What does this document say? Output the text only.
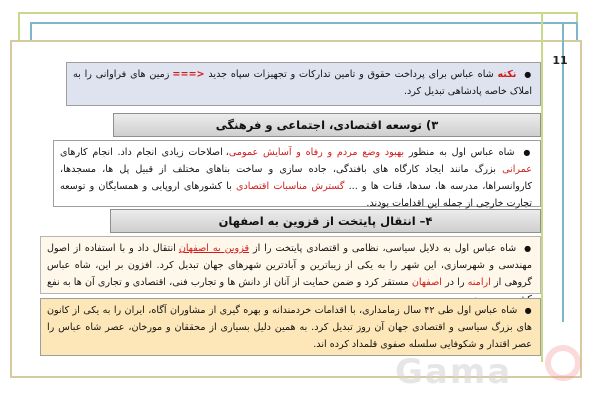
11
● نکته شاه عباس برای پرداخت حقوق و تامین تدارکات و تجهیزات سپاه جدید <=== زمین های فراوانی را به املاک خاصه پادشاهی تبدیل کرد.
۳) توسعه اقتصادی، اجتماعی و فرهنگی
● شاه عباس اول به منظور بهبود وضع مردم و رفاه و آسایش عمومی، اصلاحات زیادی انجام داد. انجام کارهای عمرانی بزرگ مانند ایجاد کارگاه های بافندگی، جاده سازی و ساخت بناهای مختلف از قبیل پل ها، مسجدها، کاروانسراها، مدرسه ها، سدها، قنات ها و ... گسترش مناسبات اقتصادی با کشورهای اروپایی و همسایگان و توسعه تجارت خارجی از جمله این اقدامات بودند.
۴– انتقال پایتخت از قزوین به اصفهان
● شاه عباس اول به دلایل سیاسی، نظامی و اقتصادی پایتخت را از قزوین به اصفهان انتقال داد و با استفاده از اصول مهندسی و شهرسازی، این شهر را به یکی از زیباترین و آبادترین شهرهای جهان تبدیل کرد. افزون بر این، شاه عباس گروهی از ارامنه را در اصفهان مستقر کرد و ضمن حمایت از آنان از دانش ها و تجارب فنی، اقتصادی و تجاری آن ها به نفع
● شاه عباس اول طی ۴۲ سال زمامداری، با اقدامات خردمندانه و بهره گیری از مشاوران آگاه، ایران را به یکی از کانون های بزرگ سیاسی و اقتصادی جهان آن روز تبدیل کرد. به همین دلیل بسیاری از محققان و مورخان، عصر شاه عباس را عصر اقتدار و شکوفایی سلسله صفوی قلمداد کرده اند.
Gama
